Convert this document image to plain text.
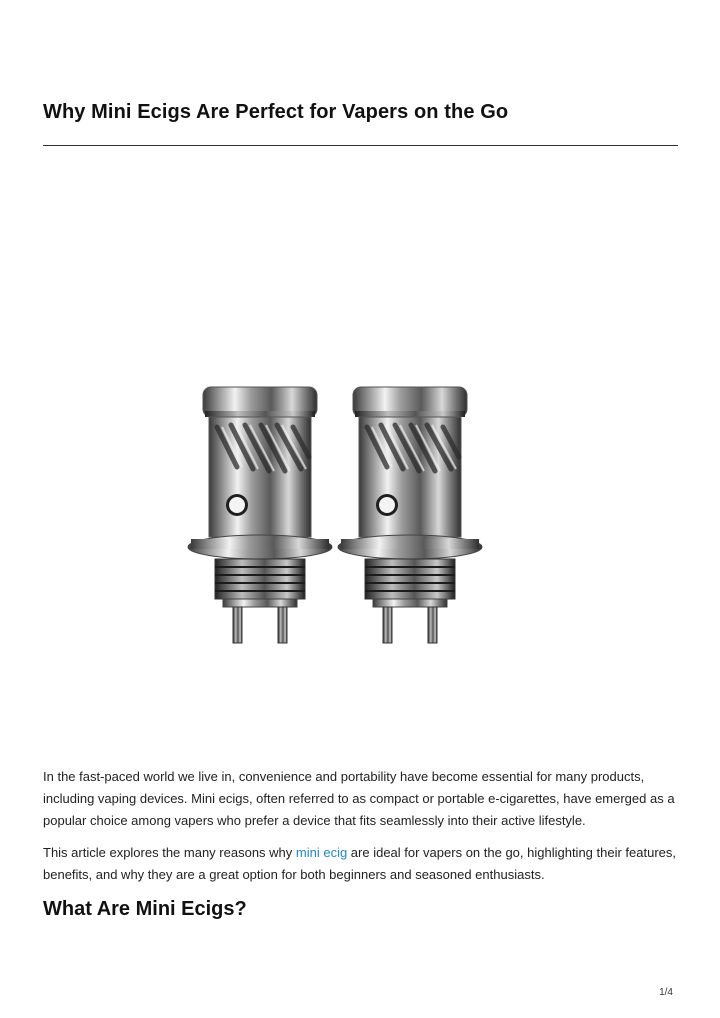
Why Mini Ecigs Are Perfect for Vapers on the Go

In the fast-paced world we live in, convenience and portability have become essential for many products, including vaping devices. Mini ecigs, often referred to as compact or portable e-cigarettes, have emerged as a popular choice among vapers who prefer a device that fits seamlessly into their active lifestyle.

This article explores the many reasons why mini ecig are ideal for vapers on the go, highlighting their features, benefits, and why they are a great option for both beginners and seasoned enthusiasts.

What Are Mini Ecigs?
1/4
